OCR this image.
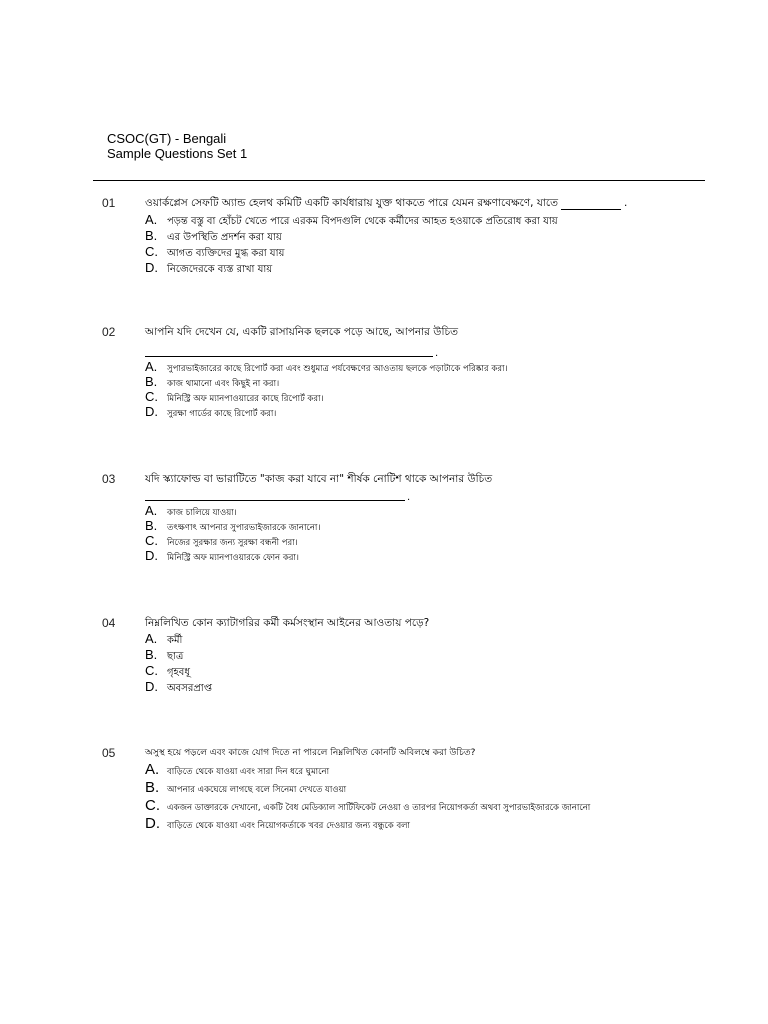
CSOC(GT) - Bengali
Sample Questions Set 1
01	ওয়ার্কপ্লেস সেফটি অ্যান্ড হেলথ কমিটি একটি কার্যধারায় যুক্ত থাকতে পারে যেমন রক্ষণাবেক্ষণে, যাতে	.
A. পড়ন্ত বস্তু বা হোঁচট খেতে পারে এরকম বিপদগুলি থেকে কর্মীদের আহত হওয়াকে প্রতিরোধ করা যায়
B. এর উপস্থিতি প্রদর্শন করা যায়
C. আগত ব্যক্তিদের মুগ্ধ করা যায়
D. নিজেদেরকে ব্যস্ত রাখা যায়
02	আপনি যদি দেখেন যে, একটি রাসায়নিক ছলকে পড়ে আছে, আপনার উচিত
.
A.	সুপারভাইজারের কাছে রিপোর্ট করা এবং শুধুমাত্র পর্যবেক্ষণের আওতায় ছলকে পড়াটাকে পরিষ্কার করা।
B.	কাজ থামানো এবং কিছুই না করা।
C.	মিনিস্ট্রি অফ ম্যানপাওয়ারের কাছে রিপোর্ট করা।
D.	সুরক্ষা গার্ডের কাছে রিপোর্ট করা।
03	যদি স্ক্যাফোল্ড বা ভারাটিতে "কাজ করা যাবে না" শীর্ষক নোটিশ থাকে আপনার উচিত
.
A.	কাজ চালিয়ে যাওয়া।
B.	তৎক্ষণাৎ আপনার সুপারভাইজারকে জানানো।
C.	নিজের সুরক্ষার জন্য সুরক্ষা বন্ধনী পরা।
D.	মিনিস্ট্রি অফ ম্যানপাওয়ারকে ফোন করা।
04	নিম্নলিখিত কোন ক্যাটাগরির কর্মী কর্মসংস্থান আইনের আওতায় পড়ে?
A. কর্মী
B. ছাত্র
C. গৃহবধূ
D. অবসরপ্রাপ্ত
05	অসুস্থ হয়ে পড়লে এবং কাজে যোগ দিতে না পারলে নিম্নলিখিত কোনটি অবিলম্বে করা উচিত?
A. বাড়িতে থেকে যাওয়া এবং সারা দিন ধরে ঘুমানো
B. আপনার একঘেয়ে লাগছে বলে সিনেমা দেখতে যাওয়া
C. একজন ডাক্তারকে দেখানো, একটি বৈধ মেডিক্যাল সার্টিফিকেট নেওয়া ও তারপর নিয়োগকর্তা অথবা সুপারভাইজারকে জানানো
D. বাড়িতে থেকে যাওয়া এবং নিয়োগকর্তাকে খবর দেওয়ার জন্য বন্ধুকে বলা
